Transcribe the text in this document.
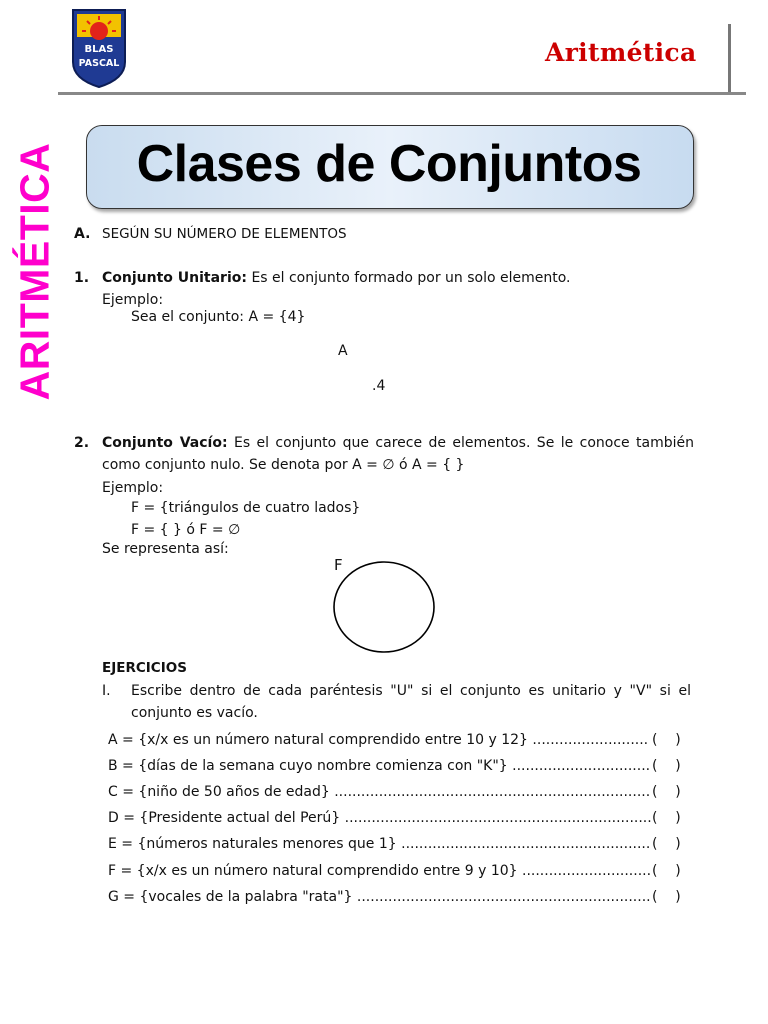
BLAS
PASCAL	Aritmética
ARITMÉTICA	Clases de Conjuntos
A. SEGÚN SU NÚMERO DE ELEMENTOS
1. Conjunto Unitario: Es el conjunto formado por un solo elemento.
Ejemplo:
Sea el conjunto: A = {4}
A
.4
2. Conjunto Vacío: Es el conjunto que carece de elementos. Se le conoce también
como conjunto nulo. Se denota por A = ∅ ó A = { }
Ejemplo:
F = {triángulos de cuatro lados}
F = { } ó F = ∅
Se representa así:
F
EJERCICIOS
I. Escribe dentro de cada paréntesis "U" si el conjunto es unitario y "V" si el
conjunto es vacío.
A = {x/x es un número natural comprendido entre 10 y 12} .......................... (    )
B = {días de la semana cuyo nombre comienza con "K"} ............................... (    )
C = {niño de 50 años de edad} ....................................................................... (    )
D = {Presidente actual del Perú} ..................................................................... (    )
E = {números naturales menores que 1} ........................................................ (    )
F = {x/x es un número natural comprendido entre 9 y 10} ............................. (    )
G = {vocales de la palabra "rata"} .................................................................. (    )
